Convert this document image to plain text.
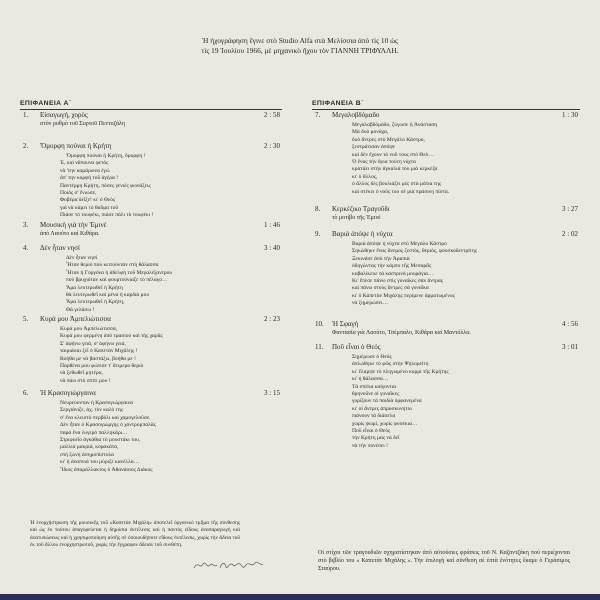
Ἡ ἠχογράφηση ἔγινε στὸ Studio Alfa στὰ Μελίσσια ἀπὸ τὶς 10 ὡς
τὶς 19 Ἰουλίου 1966, μὲ μηχανικὸ ἤχου τὸν ΓΙΑΝΝΗ ΤΡΙΦΥΛΛΗ.
ΕΠΙΦΑΝΕΙΑ Α΄
1. Εἰσαγωγή, χορὸς	2 : 58
στὸν ρυθμὸ τοῦ Συρτοῦ Πεντοζάλη
2. Ὄμορφη πούναι ἡ Κρήτη	2 : 30
Ὄμορφη πούναι ἡ Κρήτη, ὄμορφη !
Ἐ, καὶ νἄπουνα φετὸς
νὰ 'την καμάρωνα ἐγώ
ἀπ' την κορφὴ τοῦ ἀγέρα !
Παντέρμη Κρήτη, πόσες γενιὲς φωνάξεις
Ποιὸς σ' ἔνιωσε,
Φοβέρα δεῖξε! κι' ὁ Θεὸς
γιὰ νὰ κάμει τὸ θαῦμα τοῦ
Πιάσε τὸ τουφέκι, πιάσε πάλι τὸ τουφέκι !
3. Μουσικὴ γιὰ τὴν Ἐμινὲ	1 : 46
ἀπὸ Λαούτο καὶ Κιθάρα.
4. Δὲν ἦταν νησί	3 : 40
Δὲν ἦταν νησί
Ἦταν θεριὸ ποὺ κειτούνταν στὴ θάλασσα
Ἦταν ἡ Γοργόνα ἡ ἀδελφὴ τοῦ Μεγαλέξαντρου
ποὺ βρυχιόταν καὶ φουρτούνιαζε τὸ πέλαγο…
Ἄμα λευτερωθεῖ ἡ Κρήτη
θὰ λευτερωθεῖ καὶ μένα ἡ καρδιὰ μου
Ἄμα λευτερωθεῖ ἡ Κρήτη,
Θὰ γελάσω !
5. Κυρά μου Ἀμπελιώτισσα	2 : 23
Κυρά μου Ἀμπελιώτισσα,
Κυρά μου φερμένη ἀπὸ τρασιού καὶ τὴς χαρᾶς
Σ' ἀφήνω γειά, σ' ἀφήνω γειά,
ταιριάσαι ξεῖ ὁ Καπετὰν Μιχάλης !
Βοήθα με νὰ βαστάξω, βοήθα με !
Παρθένα μου φώτισε τ' ἄτιμερο θεριὸ
νὰ ξεθωθεῖ μητέρα,
νὰ πάω στὸ σπίτι μου !
6. Ἡ Κρασογιώργαινα	3 : 15
Νευρεύονταν ἡ Κρασογιώργαινα
Σεργιάνιζε, ἀχ, τὸν καλὸ της
σ' ἕνα κλειστὸ περβόλι καὶ χαμογελοῦσε.
Δὲν ἦταν ὁ Κρασογιώργης ὁ χοντρομπαλᾶς
παρὰ ἕνα λυγερὸ παλληκάρι…
Στριφοεῖο ἀγκάθια τὸ μουστάκι του,
μαλλιὰ μακριά, κορακάτα,
στὴ ζώνη ἀσημοπίστολα
κι' ἡ ἀναπνιά του μύριζε κανέλλα…
Ἴδιος ἀπαράλλακτος ὁ Ἀθανάσιος Διάκος
ΕΠΙΦΑΝΕΙΑ Β΄
7. Μεγαλοβδόμαδο	1 : 30
Μεγαλοβδόμαδο, ζύγωσε ἡ Ἀνάσταση
Μὰ δυὸ μονάχα,
δυὸ ἄντρες στὸ Μεγάλο Κάστρο,
ξεστράτισαν ἀπόψε
καὶ δὲν ἔχουν τὸ νοῦ τους στὸ Θεὸ…
Ὁ ἕνας τὴν ἄγια τούτη νύχτα
κρατάει στὴν ἀγκαλιά του μιὰ κερκέζα
κι' ὁ ἄλλος,
ὁ ἄλλος δὲς βουλιάζει μὲς στὰ μάτια της
καὶ στέκει ὁ νοῦς του σὲ μιὰ πράσινη πίστα.
8. Κερκέζικο Τραγοῦδι	3 : 27
τὸ μοτίβο τῆς Ἐμινέ
9. Βαριὰ ἀπόψε ἡ νύχτα	2 : 02
Βαριὰ ἀπόψε ἡ νύχτα στὸ Μεγάλο Κάστρο
Σηκώθηκε ἕνας ἄνεμος ζεστός, θεριός, φουσκοδεντρίτης
Ξεκινάσε ἀπὸ τὴν Ἀραπιὰ
ὁδηγώντας τὴν κάμπο τῆς Μεσαρᾶς
καβαλίκευε τὰ καστρινὰ μουράγια…
Κι' ἔπεσε πάνω στὶς γυναῖκες σὰν ἄντρας
καὶ πάνω στοὺς ἄντρες σὰ γυναῖκα
κι' ὁ Καπετὰν Μιχάλης περίμενε ἀρματωμένος
νὰ ξημερώσει…
10. Ἡ Σφαγὴ	4 : 56
Φαντασία γιὰ Λαούτο, Τσέμπαλο, Κιθάρα καὶ Μαντόλλα.
11. Ποῦ εἶναι ὁ Θεός	3 : 01
Σημέρωσε ὁ Θεός
ἁπλώθηκε τὸ φῶς στὴν Ψηλορείτη
κι' ἔλαμψε τὸ πληγωμένο κορμὶ τῆς Κρήτης
κι' ἡ θάλασσα…
Τὰ σπίτια καίγονται
θρηνοῦνε οἱ γυναῖκες
γυρίζουν τὰ παιδιὰ ὀρφανεμένα
κι' οἱ ἄντρες ἀπροσκυνητοι
πιάνουν τὰ διάσελα
χωρὶς ψωμί, χωρὶς φυσέκια…
Ποῦ εἶναι ὁ Θεός
τὴν Κρήτη μας νὰ δεῖ
νὰ τὴν πονέσει !
Ἡ ἐνορχήστρωση τῆς μουσικῆς τοῦ «Καπετὰν Μιχάλη» ἀποτελεῖ ὀργανικὸ τμῆμα τῆς σύνθεσης καὶ ὡς ἐκ τούτου ἀπαγορεύεται ἡ δημόσια ἐκτέλεσις καὶ ἡ παντὸς εἴδους ἀναπαραγωγὴ καὶ ἀνατυπώσεως καὶ ἡ χρησιμοποίηση αὐτῆς σὲ ὁποιουδήποτε εἴδους ἐκτέλεσις, χωρὶς τὴν ἄδεια τοῦ ἐκ τοῦ ἄλλου ἐνορχηστρωτοῦ, χωρὶς τὴν ἔγγραφον ἄδειαν τοῦ συνθέτη.
Οἱ στίχοι τῶν τραγουδιῶν σχηματίστηκαν ἀπὸ αὐτούσιες φράσεις τοῦ Ν. Καζαντζάκη ποὺ περιέχονται στὸ βιβλίο του « Καπετὰν Μιχάλης ». Τὴν ἐπιλογὴ καὶ σύνθεση σὲ ἑπτὰ ἑνότητες ἔκαμε ὁ Γεράσιμος Σταύρου.
